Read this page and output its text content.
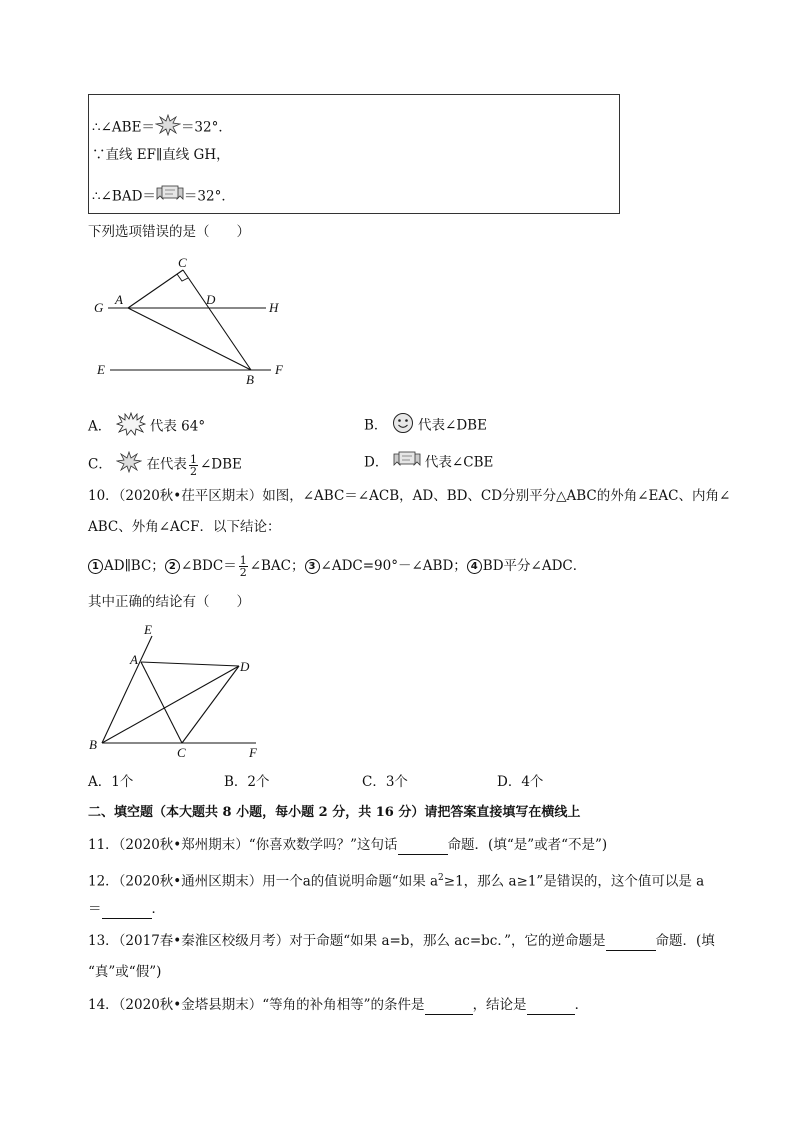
∴∠ABE＝ ＝32°．
∵直线 EF∥直线 GH，
∴∠BAD＝ ＝32°．
下列选项错误的是（　　）
C
A	D
G	H
E
B
F
A．	代表 64°	B． 代表∠DBE
C．	在代表 $\frac{1}{2}$ ∠DBE	D．	代表∠CBE
10．（2020秋•茌平区期末）如图，∠ABC＝∠ACB，AD、BD、CD分别平分△ABC的外角∠EAC、内角∠
ABC、外角∠ACF．以下结论：
1 AD∥BC； 2 ∠BDC＝ $\frac{1}{2}$ ∠BAC； 3 ∠ADC=90°－∠ABD； 4 BD平分∠ADC．
其中正确的结论有（　　）
E
A	D
B
C	F
A．1个	B．2个	C．3个	D．4个
二、填空题（本大题共 8 小题，每小题 2 分，共 16 分）请把答案直接填写在横线上
11．（2020秋•郑州期末）“你喜欢数学吗？”这句话	命题．(填“是”或者“不是”)
12．（2020秋•通州区期末）用一个a的值说明命题“如果 $a^2\ge 1$，那么 a≥1”是错误的，这个值可以是 a
＝	．
13．（2017春•秦淮区校级月考）对于命题“如果 a=b，那么 ac=bc．”，它的逆命题是	命题．(填
“真”或“假”)
14．（2020秋•金塔县期末）“等角的补角相等”的条件是	，结论是	．
